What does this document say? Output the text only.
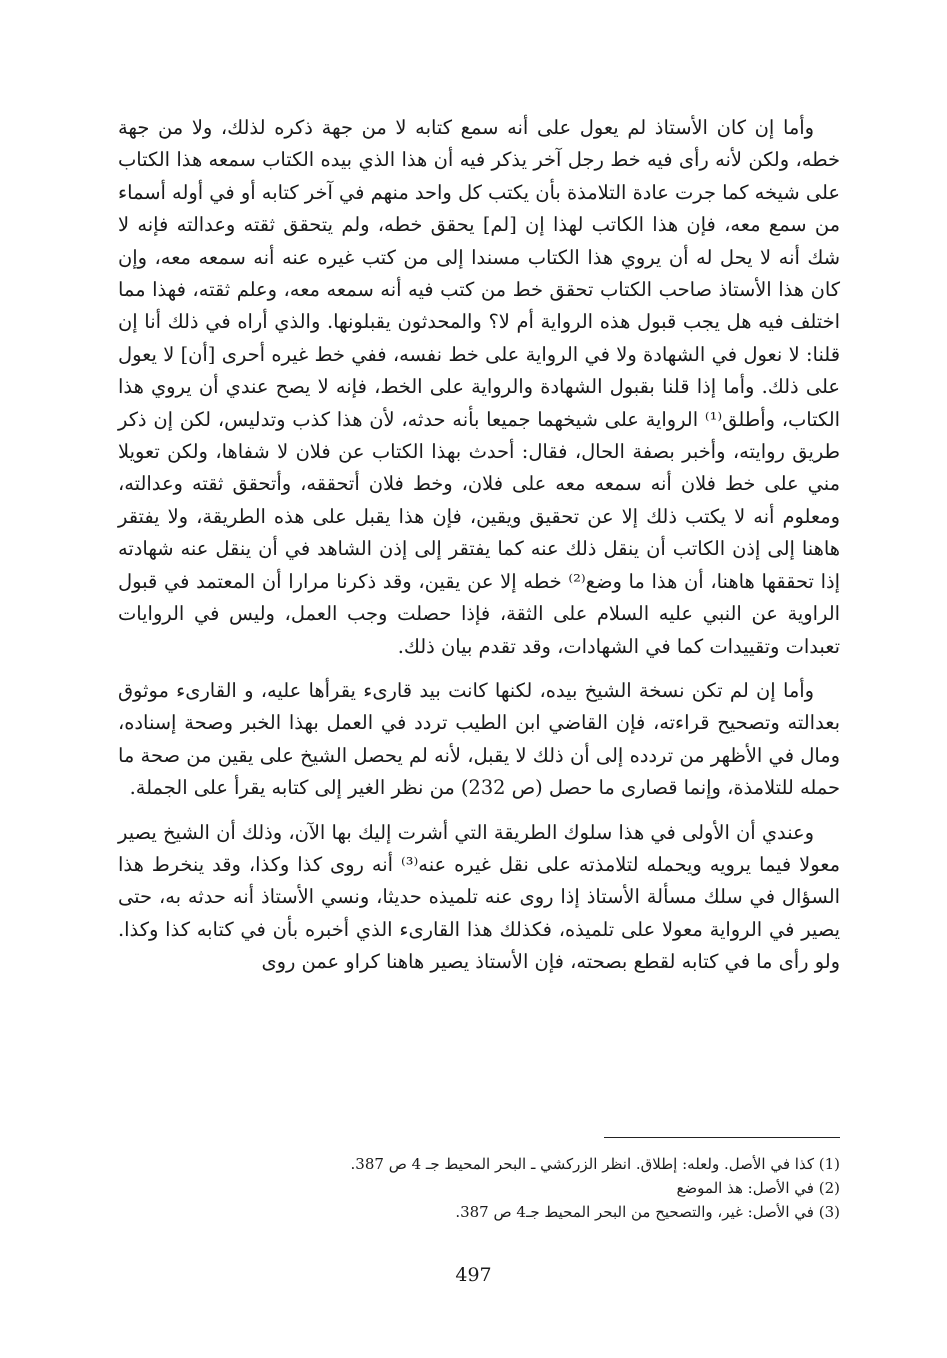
وأما إن كان الأستاذ لم يعول على أنه سمع كتابه لا من جهة ذكره لذلك، ولا من جهة خطه، ولكن لأنه رأى فيه خط رجل آخر يذكر فيه أن هذا الذي بيده الكتاب سمعه هذا الكتاب على شيخه كما جرت عادة التلامذة بأن يكتب كل واحد منهم في آخر كتابه أو في أوله أسماء من سمع معه، فإن هذا الكاتب لهذا إن [لم] يحقق خطه، ولم يتحقق ثقته وعدالته فإنه لا شك أنه لا يحل له أن يروي هذا الكتاب مسندا إلى من كتب غيره عنه أنه سمعه معه، وإن كان هذا الأستاذ صاحب الكتاب تحقق خط من كتب فيه أنه سمعه معه، وعلم ثقته، فهذا مما اختلف فيه هل يجب قبول هذه الرواية أم لا؟ والمحدثون يقبلونها. والذي أراه في ذلك أنا إن قلنا: لا نعول في الشهادة ولا في الرواية على خط نفسه، ففي خط غيره أحرى [أن] لا يعول على ذلك. وأما إذا قلنا بقبول الشهادة والرواية على الخط، فإنه لا يصح عندي أن يروي هذا الكتاب، وأطلق⁽¹⁾ الرواية على شيخهما جميعا بأنه حدثه، لأن هذا كذب وتدليس، لكن إن ذكر طريق روايته، وأخبر بصفة الحال، فقال: أحدث بهذا الكتاب عن فلان لا شفاها، ولكن تعويلا مني على خط فلان أنه سمعه معه على فلان، وخط فلان أتحققه، وأتحقق ثقته وعدالته، ومعلوم أنه لا يكتب ذلك إلا عن تحقيق ويقين، فإن هذا يقبل على هذه الطريقة، ولا يفتقر هاهنا إلى إذن الكاتب أن ينقل ذلك عنه كما يفتقر إلى إذن الشاهد في أن ينقل عنه شهادته إذا تحققها هاهنا، أن هذا ما وضع⁽²⁾ خطه إلا عن يقين، وقد ذكرنا مرارا أن المعتمد في قبول الراوية عن النبي عليه السلام على الثقة، فإذا حصلت وجب العمل، وليس في الروايات تعبدات وتقييدات كما في الشهادات، وقد تقدم بيان ذلك.

وأما إن لم تكن نسخة الشيخ بيده، لكنها كانت بيد قارىء يقرأها عليه، و القارىء موثوق بعدالته وتصحيح قراءته، فإن القاضي ابن الطيب تردد في العمل بهذا الخبر وصحة إسناده، ومال في الأظهر من تردده إلى أن ذلك لا يقبل، لأنه لم يحصل الشيخ على يقين من صحة ما حمله للتلامذة، وإنما قصارى ما حصل (ص 232) من نظر الغير إلى كتابه يقرأ على الجملة.

وعندي أن الأولى في هذا سلوك الطريقة التي أشرت إليك بها الآن، وذلك أن الشيخ يصير معولا فيما يرويه ويحمله لتلامذته على نقل غيره عنه⁽³⁾ أنه روى كذا وكذا، وقد ينخرط هذا السؤال في سلك مسألة الأستاذ إذا روى عنه تلميذه حديثا، ونسي الأستاذ أنه حدثه به، حتى يصير في الرواية معولا على تلميذه، فكذلك هذا القارىء الذي أخبره بأن في كتابه كذا وكذا. ولو رأى ما في كتابه لقطع بصحته، فإن الأستاذ يصير هاهنا كراو عمن روى

(1) كذا في الأصل. ولعله: إطلاق. انظر الزركشي ـ البحر المحيط جـ 4 ص 387.
(2) في الأصل: هذ الموضع
(3) في الأصل: غير، والتصحيح من البحر المحيط جـ4 ص 387.
497
